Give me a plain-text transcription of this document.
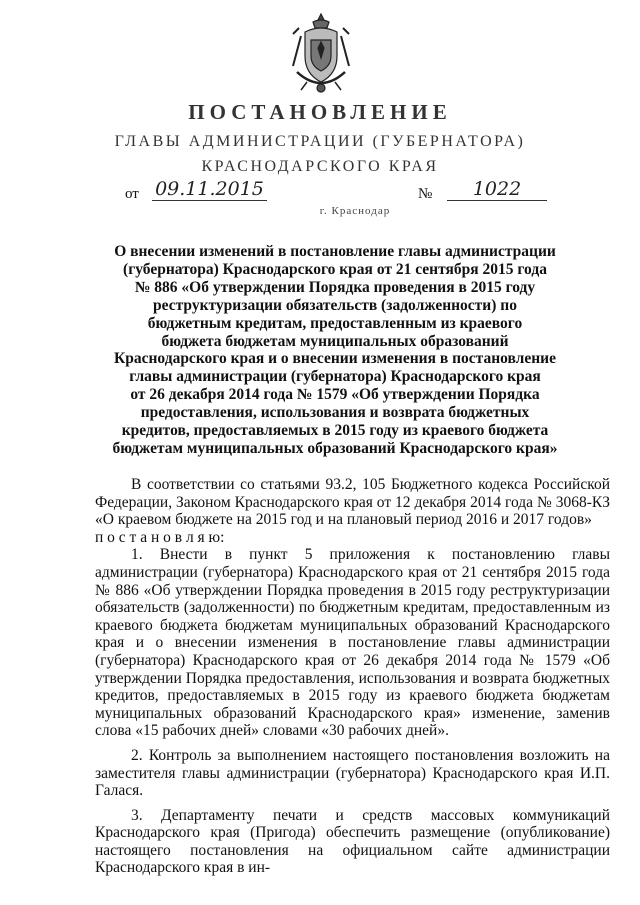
ПОСТАНОВЛЕНИЕ
ГЛАВЫ АДМИНИСТРАЦИИ (ГУБЕРНАТОРА)
КРАСНОДАРСКОГО КРАЯ
от 09.11.2015	№	1022
г. Краснодар
О внесении изменений в постановление главы администрации
(губернатора) Краснодарского края от 21 сентября 2015 года
№ 886 «Об утверждении Порядка проведения в 2015 году
реструктуризации обязательств (задолженности) по
бюджетным кредитам, предоставленным из краевого
бюджета бюджетам муниципальных образований
Краснодарского края и о внесении изменения в постановление
главы администрации (губернатора) Краснодарского края
от 26 декабря 2014 года № 1579 «Об утверждении Порядка
предоставления, использования и возврата бюджетных
кредитов, предоставляемых в 2015 году из краевого бюджета
бюджетам муниципальных образований Краснодарского края»

В соответствии со статьями 93.2, 105 Бюджетного кодекса Российской Федерации, Законом Краснодарского края от 12 декабря 2014 года № 3068-КЗ «О краевом бюджете на 2015 год и на плановый период 2016 и 2017 годов»

п о с т а н о в л я ю:

1. Внести в пункт 5 приложения к постановлению главы администрации (губернатора) Краснодарского края от 21 сентября 2015 года № 886 «Об утверждении Порядка проведения в 2015 году реструктуризации обязательств (задолженности) по бюджетным кредитам, предоставленным из краевого бюджета бюджетам муниципальных образований Краснодарского края и о внесении изменения в постановление главы администрации (губернатора) Краснодарского края от 26 декабря 2014 года № 1579 «Об утверждении Порядка предоставления, использования и возврата бюджетных кредитов, предоставляемых в 2015 году из краевого бюджета бюджетам муниципальных образований Краснодарского края» изменение, заменив слова «15 рабочих дней» словами «30 рабочих дней».

2. Контроль за выполнением настоящего постановления возложить на заместителя главы администрации (губернатора) Краснодарского края И.П. Галася.

3. Департаменту печати и средств массовых коммуникаций Краснодарского края (Пригода) обеспечить размещение (опубликование) настоящего постановления на официальном сайте администрации Краснодарского края в ин-
